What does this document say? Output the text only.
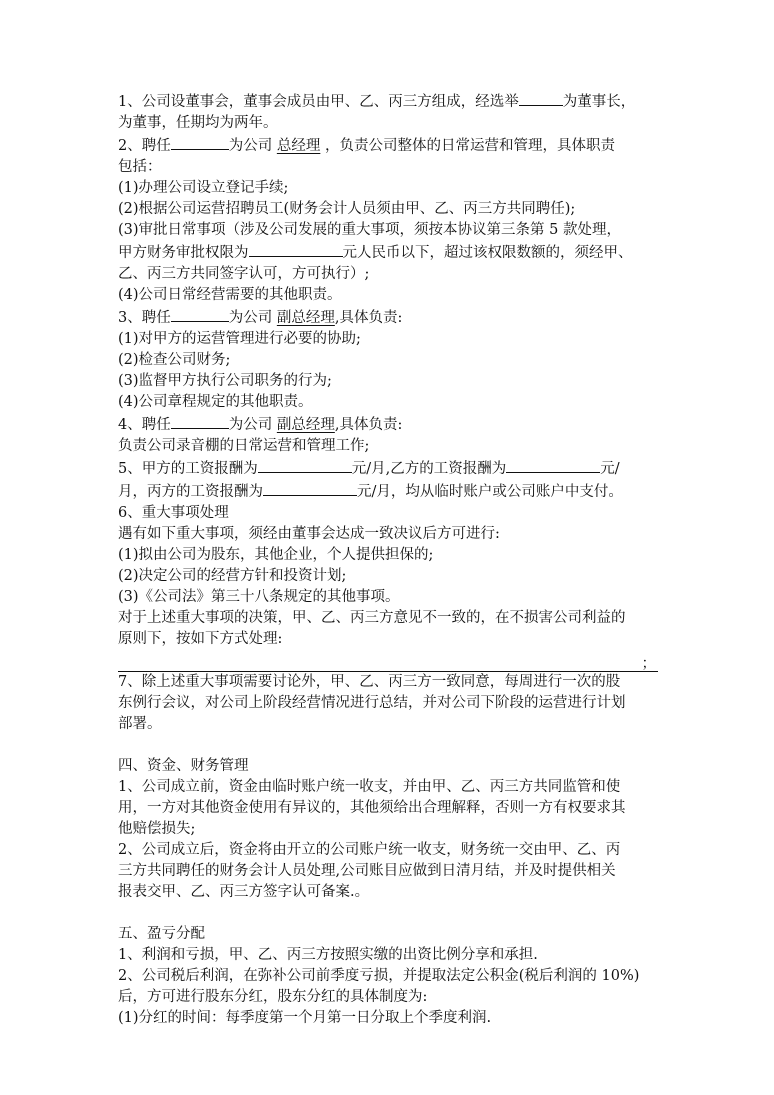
1、公司设董事会，董事会成员由甲、乙、丙三方组成，经选举	为董事长，

为董事，任期均为两年。

2、聘任	为公司 总经理 ，负责公司整体的日常运营和管理，具体职责

包括：

(1)办理公司设立登记手续;

(2)根据公司运营招聘员工(财务会计人员须由甲、乙、丙三方共同聘任);

(3)审批日常事项（涉及公司发展的重大事项，须按本协议第三条第 5 款处理，

甲方财务审批权限为	元人民币以下，超过该权限数额的，须经甲、

乙、丙三方共同签字认可，方可执行）;

(4)公司日常经营需要的其他职责。

3、聘任	为公司 副总经理,具体负责:

(1)对甲方的运营管理进行必要的协助;

(2)检查公司财务;

(3)监督甲方执行公司职务的行为;

(4)公司章程规定的其他职责。

4、聘任	为公司 副总经理,具体负责:

负责公司录音棚的日常运营和管理工作;

5、甲方的工资报酬为	元/月,乙方的工资报酬为	元/

月，丙方的工资报酬为	元/月，均从临时账户或公司账户中支付。

6、重大事项处理

遇有如下重大事项，须经由董事会达成一致决议后方可进行:

(1)拟由公司为股东，其他企业，个人提供担保的;

(2)决定公司的经营方针和投资计划;

(3)《公司法》第三十八条规定的其他事项。

对于上述重大事项的决策，甲、乙、丙三方意见不一致的，在不损害公司利益的

原则下，按如下方式处理:

；

7、除上述重大事项需要讨论外，甲、乙、丙三方一致同意，每周进行一次的股

东例行会议，对公司上阶段经营情况进行总结，并对公司下阶段的运营进行计划

部署。

四、资金、财务管理

1、公司成立前，资金由临时账户统一收支，并由甲、乙、丙三方共同监管和使

用，一方对其他资金使用有异议的，其他须给出合理解释，否则一方有权要求其

他赔偿损失;

2、公司成立后，资金将由开立的公司账户统一收支，财务统一交由甲、乙、丙

三方共同聘任的财务会计人员处理,公司账目应做到日清月结，并及时提供相关

报表交甲、乙、丙三方签字认可备案.。

五、盈亏分配

1、利润和亏损，甲、乙、丙三方按照实缴的出资比例分享和承担.

2、公司税后利润，在弥补公司前季度亏损，并提取法定公积金(税后利润的 10%)

后，方可进行股东分红，股东分红的具体制度为:

(1)分红的时间：每季度第一个月第一日分取上个季度利润.
